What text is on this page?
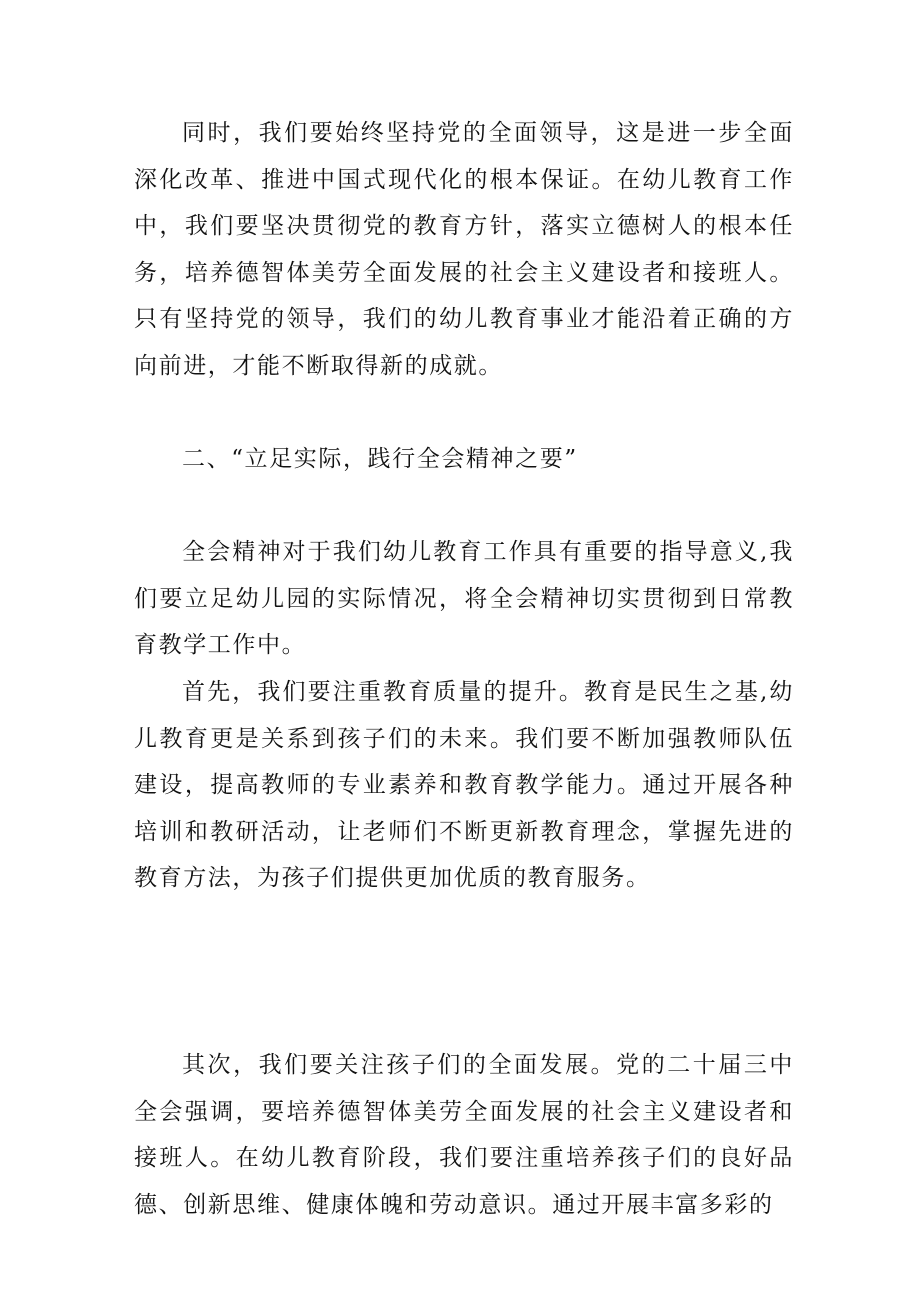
同时，我们要始终坚持党的全面领导，这是进一步全面深化改革、推进中国式现代化的根本保证。在幼儿教育工作中，我们要坚决贯彻党的教育方针，落实立德树人的根本任务，培养德智体美劳全面发展的社会主义建设者和接班人。只有坚持党的领导，我们的幼儿教育事业才能沿着正确的方向前进，才能不断取得新的成就。

二、“立足实际，践行全会精神之要”

全会精神对于我们幼儿教育工作具有重要的指导意义,我们要立足幼儿园的实际情况，将全会精神切实贯彻到日常教育教学工作中。

首先，我们要注重教育质量的提升。教育是民生之基,幼儿教育更是关系到孩子们的未来。我们要不断加强教师队伍建设，提高教师的专业素养和教育教学能力。通过开展各种培训和教研活动，让老师们不断更新教育理念，掌握先进的教育方法，为孩子们提供更加优质的教育服务。

其次，我们要关注孩子们的全面发展。党的二十届三中全会强调，要培养德智体美劳全面发展的社会主义建设者和接班人。在幼儿教育阶段，我们要注重培养孩子们的良好品德、创新思维、健康体魄和劳动意识。通过开展丰富多彩的
